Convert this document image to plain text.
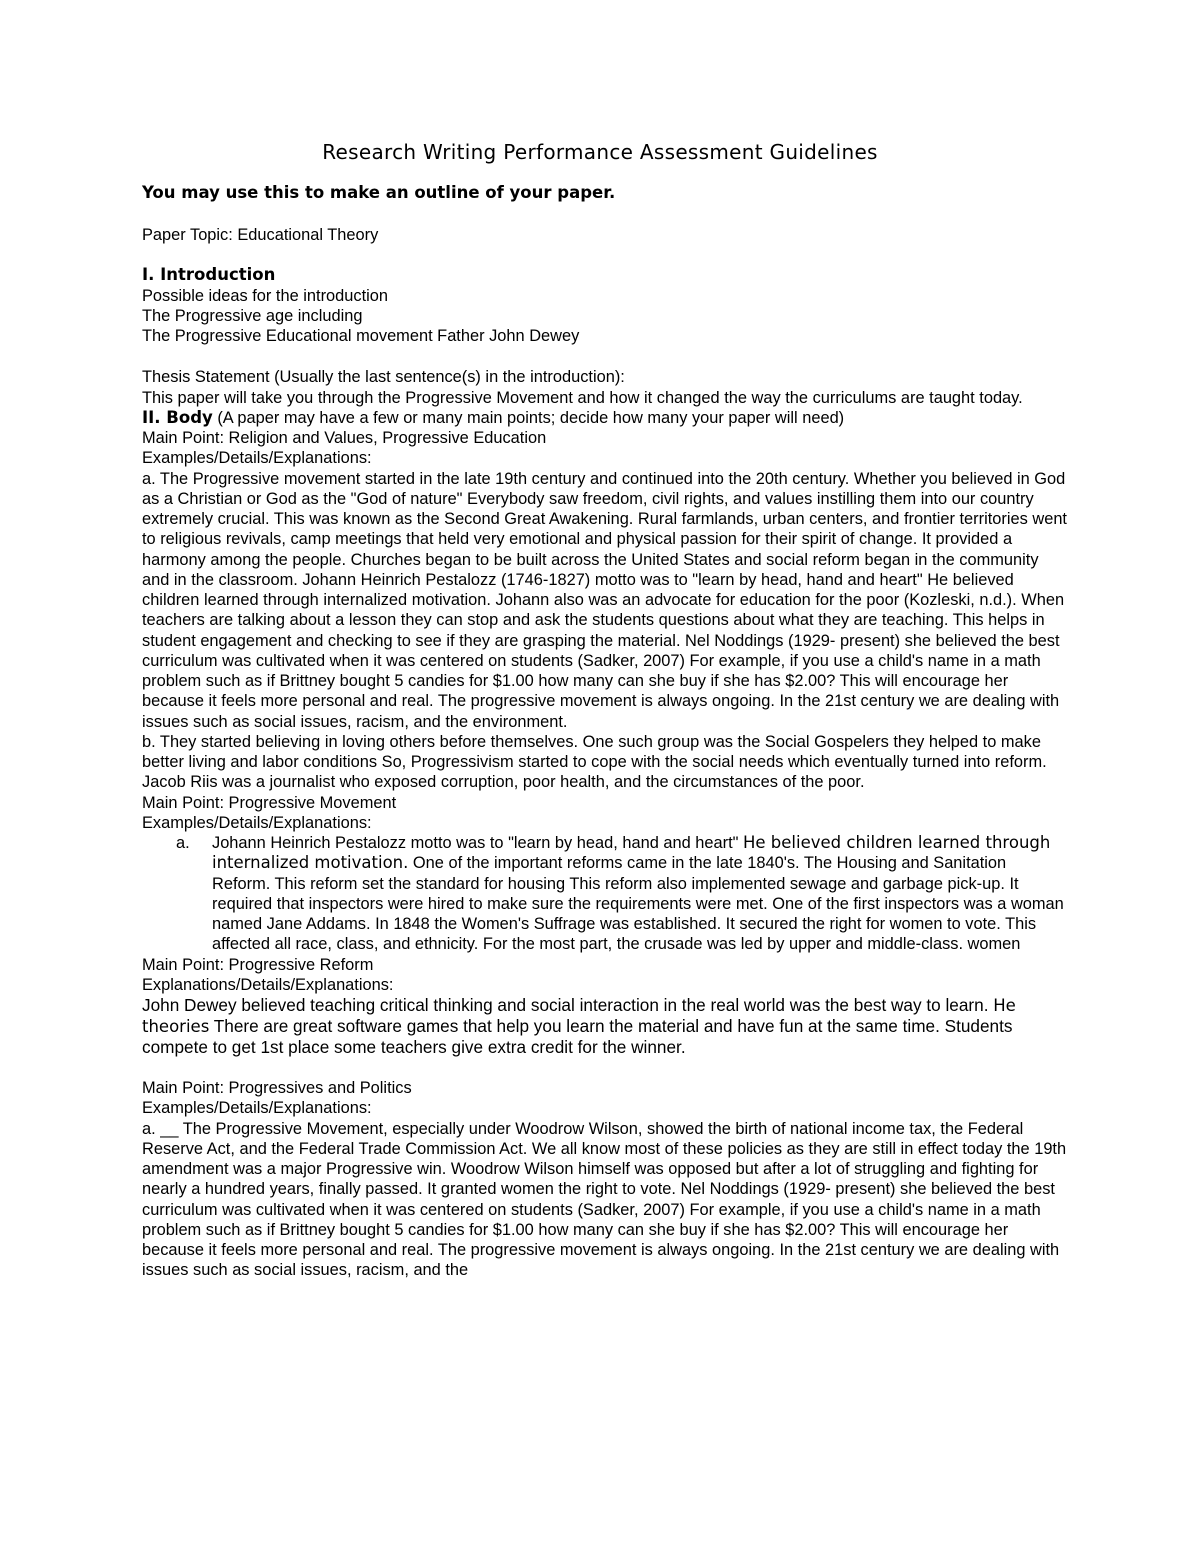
Research Writing Performance Assessment Guidelines
You may use this to make an outline of your paper.

Paper Topic: Educational Theory

I. Introduction

Possible ideas for the introduction

The Progressive age including

The Progressive Educational movement Father John Dewey

Thesis Statement (Usually the last sentence(s) in the introduction):

This paper will take you through the Progressive Movement and how it changed the way the curriculums are taught today.

II. Body (A paper may have a few or many main points; decide how many your paper will need)

Main Point: Religion and Values, Progressive Education

Examples/Details/Explanations:

a. The Progressive movement started in the late 19th century and continued into the 20th century. Whether you believed in God as a Christian or God as the "God of nature" Everybody saw freedom, civil rights, and values instilling them into our country extremely crucial. This was known as the Second Great Awakening. Rural farmlands, urban centers, and frontier territories went to religious revivals, camp meetings that held very emotional and physical passion for their spirit of change. It provided a harmony among the people. Churches began to be built across the United States and social reform began in the community and in the classroom. Johann Heinrich Pestalozz (1746-1827) motto was to "learn by head, hand and heart" He believed children learned through internalized motivation. Johann also was an advocate for education for the poor (Kozleski, n.d.). When teachers are talking about a lesson they can stop and ask the students questions about what they are teaching. This helps in student engagement and checking to see if they are grasping the material. Nel Noddings (1929- present) she believed the best curriculum was cultivated when it was centered on students (Sadker, 2007) For example, if you use a child's name in a math problem such as if Brittney bought 5 candies for $1.00 how many can she buy if she has $2.00? This will encourage her because it feels more personal and real. The progressive movement is always ongoing. In the 21st century we are dealing with issues such as social issues, racism, and the environment.

b. They started believing in loving others before themselves. One such group was the Social Gospelers they helped to make better living and labor conditions So, Progressivism started to cope with the social needs which eventually turned into reform. Jacob Riis was a journalist who exposed corruption, poor health, and the circumstances of the poor.

Main Point: Progressive Movement

Examples/Details/Explanations:

a. Johann Heinrich Pestalozz motto was to "learn by head, hand and heart" He believed children learned through internalized motivation. One of the important reforms came in the late 1840's. The Housing and Sanitation Reform. This reform set the standard for housing This reform also implemented sewage and garbage pick-up. It required that inspectors were hired to make sure the requirements were met. One of the first inspectors was a woman named Jane Addams. In 1848 the Women's Suffrage was established. It secured the right for women to vote. This affected all race, class, and ethnicity. For the most part, the crusade was led by upper and middle-class. women

Main Point: Progressive Reform

Explanations/Details/Explanations:

John Dewey believed teaching critical thinking and social interaction in the real world was the best way to learn. He theories There are great software games that help you learn the material and have fun at the same time. Students compete to get 1st place some teachers give extra credit for the winner.

Main Point: Progressives and Politics

Examples/Details/Explanations:

a. __ The Progressive Movement, especially under Woodrow Wilson, showed the birth of national income tax, the Federal Reserve Act, and the Federal Trade Commission Act. We all know most of these policies as they are still in effect today the 19th amendment was a major Progressive win. Woodrow Wilson himself was opposed but after a lot of struggling and fighting for nearly a hundred years, finally passed. It granted women the right to vote. Nel Noddings (1929- present) she believed the best curriculum was cultivated when it was centered on students (Sadker, 2007) For example, if you use a child's name in a math problem such as if Brittney bought 5 candies for $1.00 how many can she buy if she has $2.00? This will encourage her because it feels more personal and real. The progressive movement is always ongoing. In the 21st century we are dealing with issues such as social issues, racism, and the
